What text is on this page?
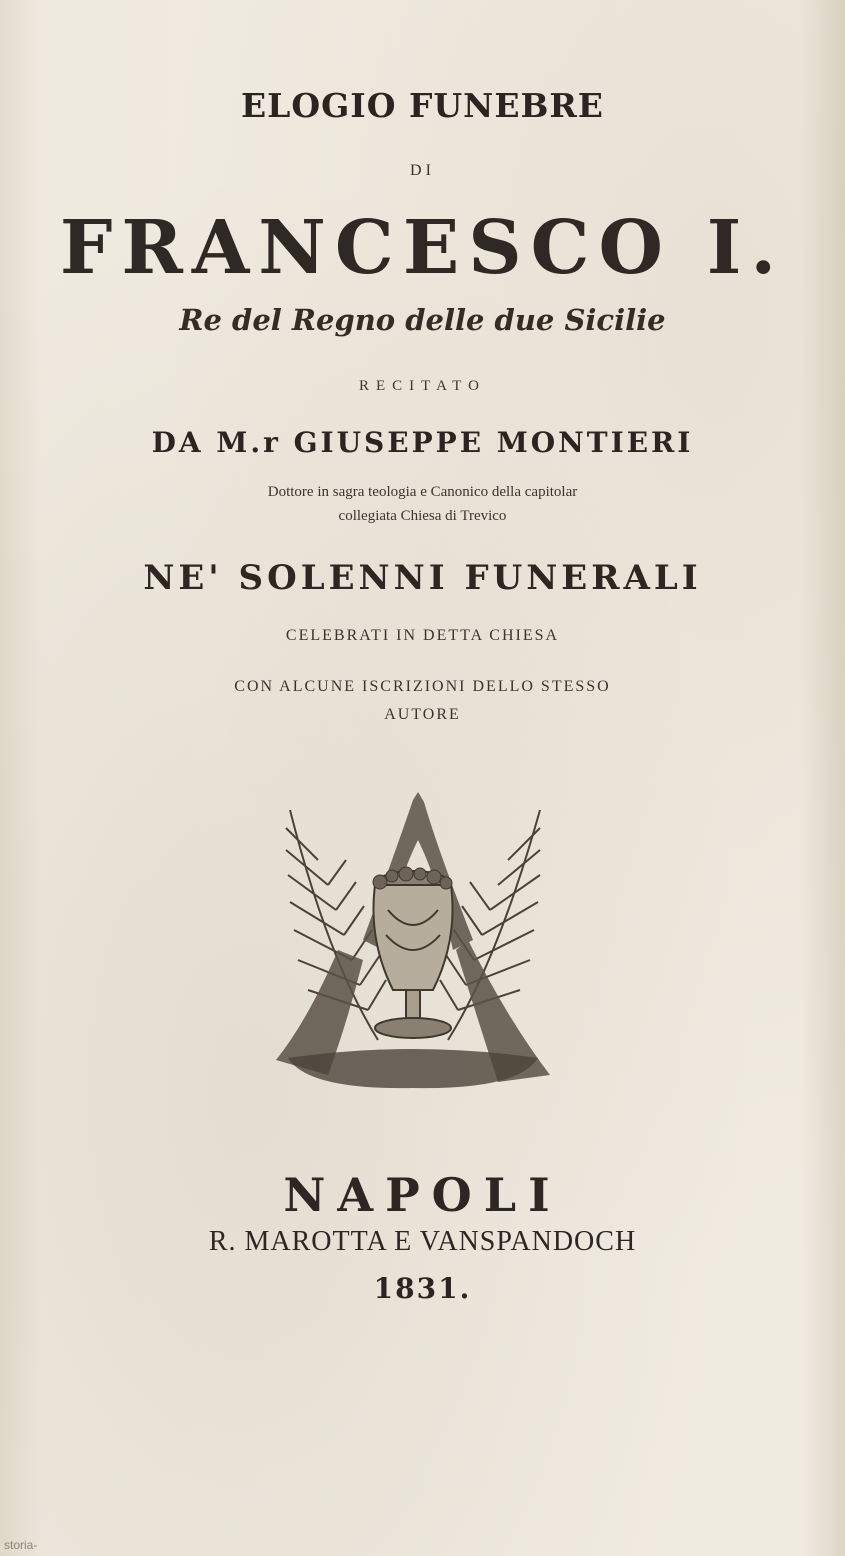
ELOGIO FUNEBRE
DI
FRANCESCO I.
Re del Regno delle due Sicilie
RECITATO
DA M.r GIUSEPPE MONTIERI
Dottore in sagra teologia e Canonico della capitolar
collegiata Chiesa di Trevico
NE' SOLENNI FUNERALI
CELEBRATI IN DETTA CHIESA
CON ALCUNE ISCRIZIONI DELLO STESSO
AUTORE
NAPOLI
R. MAROTTA E VANSPANDOCH
1831.
storia-
